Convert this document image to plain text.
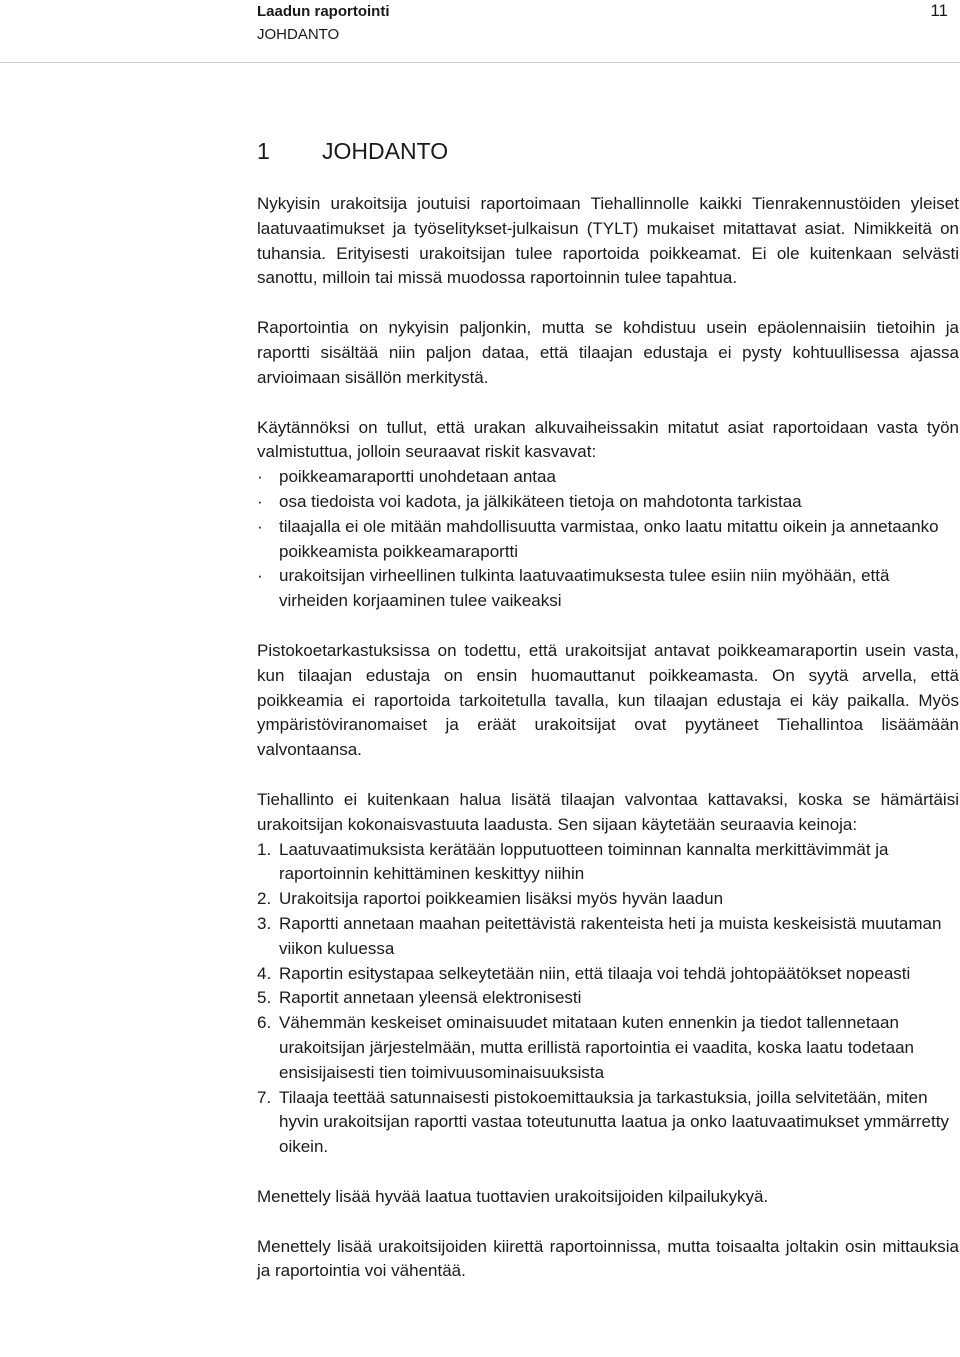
Laadun raportointi
JOHDANTO
11
1 JOHDANTO

Nykyisin urakoitsija joutuisi raportoimaan Tiehallinnolle kaikki Tienrakennustöiden yleiset laatuvaatimukset ja työselitykset-julkaisun (TYLT) mukaiset mitattavat asiat. Nimikkeitä on tuhansia. Erityisesti urakoitsijan tulee raportoida poikkeamat. Ei ole kuitenkaan selvästi sanottu, milloin tai missä muodossa raportoinnin tulee tapahtua.

Raportointia on nykyisin paljonkin, mutta se kohdistuu usein epäolennaisiin tietoihin ja raportti sisältää niin paljon dataa, että tilaajan edustaja ei pysty kohtuullisessa ajassa arvioimaan sisällön merkitystä.

Käytännöksi on tullut, että urakan alkuvaiheissakin mitatut asiat raportoidaan vasta työn valmistuttua, jolloin seuraavat riskit kasvavat:

· poikkeamaraportti unohdetaan antaa
· osa tiedoista voi kadota, ja jälkikäteen tietoja on mahdotonta tarkistaa
· tilaajalla ei ole mitään mahdollisuutta varmistaa, onko laatu mitattu oikein ja annetaanko poikkeamista poikkeamaraportti
· urakoitsijan virheellinen tulkinta laatuvaatimuksesta tulee esiin niin myöhään, että virheiden korjaaminen tulee vaikeaksi

Pistokoetarkastuksissa on todettu, että urakoitsijat antavat poikkeamaraportin usein vasta, kun tilaajan edustaja on ensin huomauttanut poikkeamasta. On syytä arvella, että poikkeamia ei raportoida tarkoitetulla tavalla, kun tilaajan edustaja ei käy paikalla. Myös ympäristöviranomaiset ja eräät urakoitsijat ovat pyytäneet Tiehallintoa lisäämään valvontaansa.

Tiehallinto ei kuitenkaan halua lisätä tilaajan valvontaa kattavaksi, koska se hämärtäisi urakoitsijan kokonaisvastuuta laadusta. Sen sijaan käytetään seuraavia keinoja:

1. Laatuvaatimuksista kerätään lopputuotteen toiminnan kannalta merkittävimmät ja raportoinnin kehittäminen keskittyy niihin
2. Urakoitsija raportoi poikkeamien lisäksi myös hyvän laadun
3. Raportti annetaan maahan peitettävistä rakenteista heti ja muista keskeisistä muutaman viikon kuluessa
4. Raportin esitystapaa selkeytetään niin, että tilaaja voi tehdä johtopäätökset nopeasti
5. Raportit annetaan yleensä elektronisesti
6. Vähemmän keskeiset ominaisuudet mitataan kuten ennenkin ja tiedot tallennetaan urakoitsijan järjestelmään, mutta erillistä raportointia ei vaadita, koska laatu todetaan ensisijaisesti tien toimivuusominaisuuksista
7. Tilaaja teettää satunnaisesti pistokoemittauksia ja tarkastuksia, joilla selvitetään, miten hyvin urakoitsijan raportti vastaa toteutunutta laatua ja onko laatuvaatimukset ymmärretty oikein.

Menettely lisää hyvää laatua tuottavien urakoitsijoiden kilpailukykyä.

Menettely lisää urakoitsijoiden kiirettä raportoinnissa, mutta toisaalta joltakin osin mittauksia ja raportointia voi vähentää.
